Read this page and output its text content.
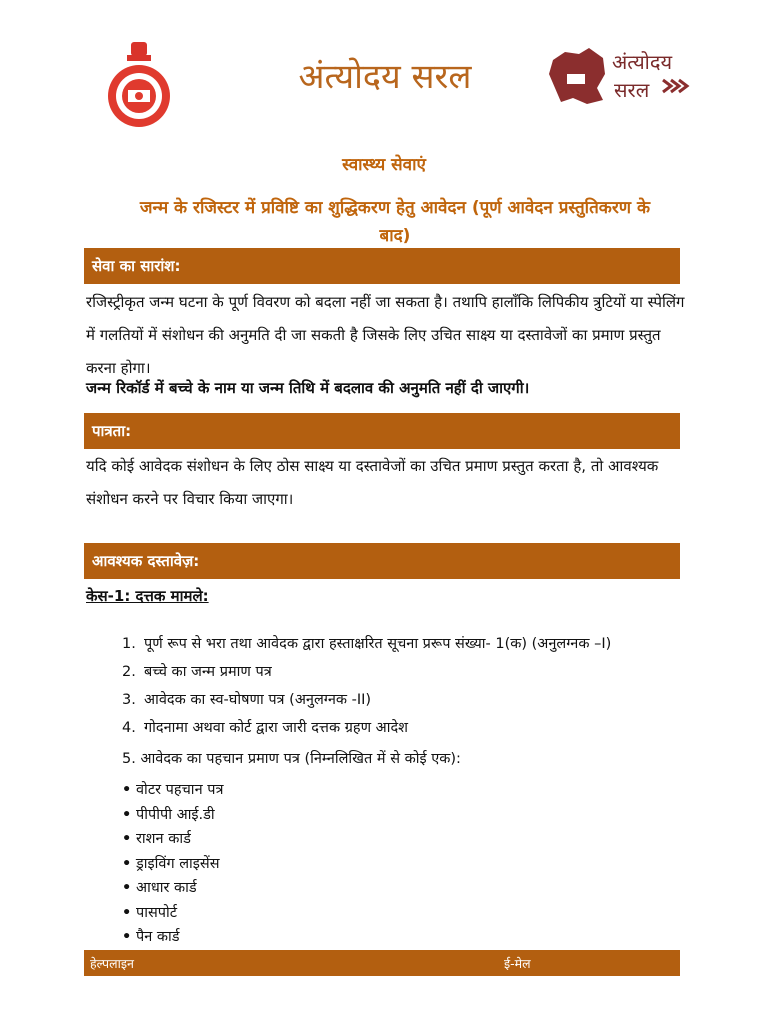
अंत्योदय सरल	अंत्योदय
सरल
स्वास्थ्य सेवाएं
जन्म के रजिस्टर में प्रविष्टि का शुद्धिकरण हेतु आवेदन (पूर्ण आवेदन प्रस्तुतिकरण के बाद)
सेवा का सारांश:
रजिस्ट्रीकृत जन्म घटना के पूर्ण विवरण को बदला नहीं जा सकता है। तथापि हालाँकि लिपिकीय त्रुटियों या स्पेलिंग में गलतियों में संशोधन की अनुमति दी जा सकती है जिसके लिए उचित साक्ष्य या दस्तावेजों का प्रमाण प्रस्तुत करना होगा।
जन्म रिकॉर्ड में बच्चे के नाम या जन्म तिथि में बदलाव की अनुमति नहीं दी जाएगी।
पात्रता:
यदि कोई आवेदक संशोधन के लिए ठोस साक्ष्य या दस्तावेजों का उचित प्रमाण प्रस्तुत करता है, तो आवश्यक संशोधन करने पर विचार किया जाएगा।
आवश्यक दस्तावेज़:
केस-1: दत्तक मामले:
1. पूर्ण रूप से भरा तथा आवेदक द्वारा हस्ताक्षरित सूचना प्ररूप संख्या- 1(क) (अनुलग्नक –I)
2. बच्चे का जन्म प्रमाण पत्र
3. आवेदक का स्व-घोषणा पत्र (अनुलग्नक -II)
4. गोदनामा अथवा कोर्ट द्वारा जारी दत्तक ग्रहण आदेश
5. आवेदक का पहचान प्रमाण पत्र (निम्नलिखित में से कोई एक):
• वोटर पहचान पत्र
• पीपीपी आई.डी
• राशन कार्ड
• ड्राइविंग लाइसेंस
• आधार कार्ड
• पासपोर्ट
• पैन कार्ड
हेल्पलाइन	ई-मेल
